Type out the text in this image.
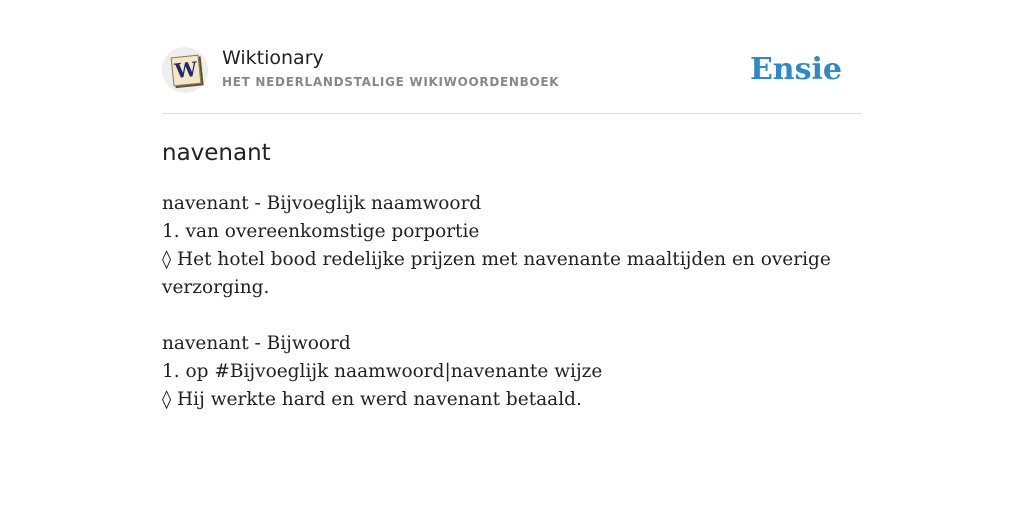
W Wiktionary
HET NEDERLANDSTALIGE WIKIWOORDENBOEK	Ensie
navenant
navenant - Bijvoeglijk naamwoord
1. van overeenkomstige porportie
◊ Het hotel bood redelijke prijzen met navenante maaltijden en overige verzorging.
navenant - Bijwoord
1. op #Bijvoeglijk naamwoord|navenante wijze
◊ Hij werkte hard en werd navenant betaald.
